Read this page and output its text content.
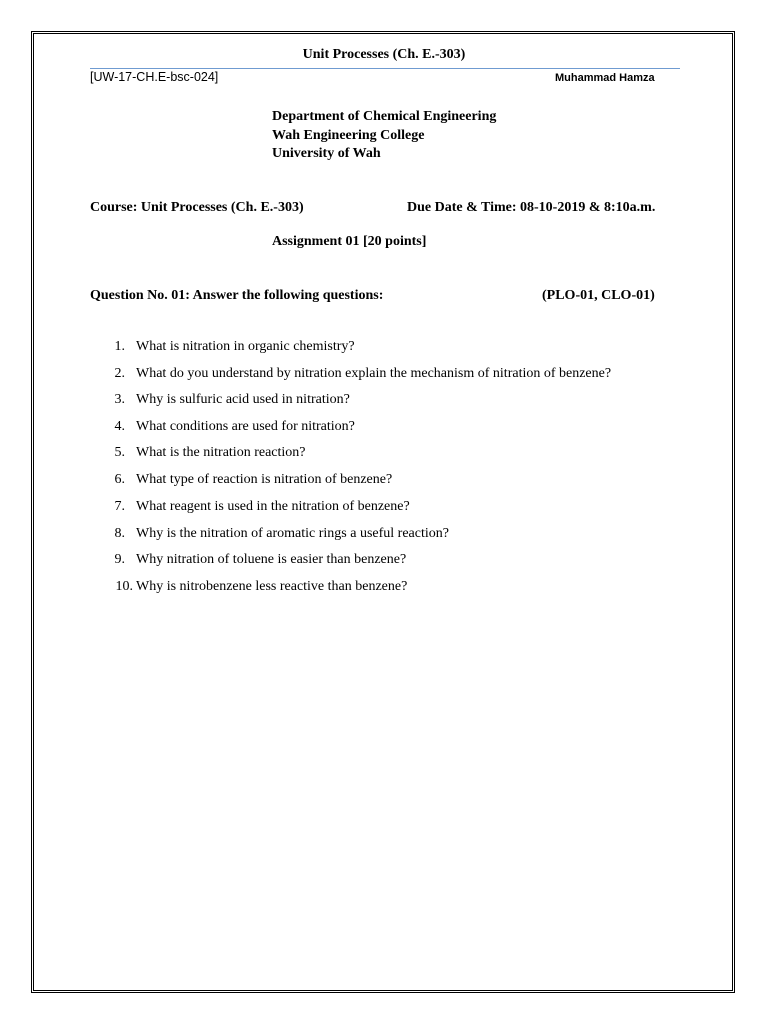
Unit Processes (Ch. E.-303)
[UW-17-CH.E-bsc-024]	Muhammad Hamza
Department of Chemical Engineering
Wah Engineering College
University of Wah
Course: Unit Processes (Ch. E.-303)	Due Date & Time: 08-10-2019 & 8:10a.m.
Assignment 01 [20 points]
Question No. 01: Answer the following questions:	(PLO-01, CLO-01)
1. What is nitration in organic chemistry?
2. What do you understand by nitration explain the mechanism of nitration of benzene?
3. Why is sulfuric acid used in nitration?
4. What conditions are used for nitration?
5. What is the nitration reaction?
6. What type of reaction is nitration of benzene?
7. What reagent is used in the nitration of benzene?
8. Why is the nitration of aromatic rings a useful reaction?
9. Why nitration of toluene is easier than benzene?
10. Why is nitrobenzene less reactive than benzene?
